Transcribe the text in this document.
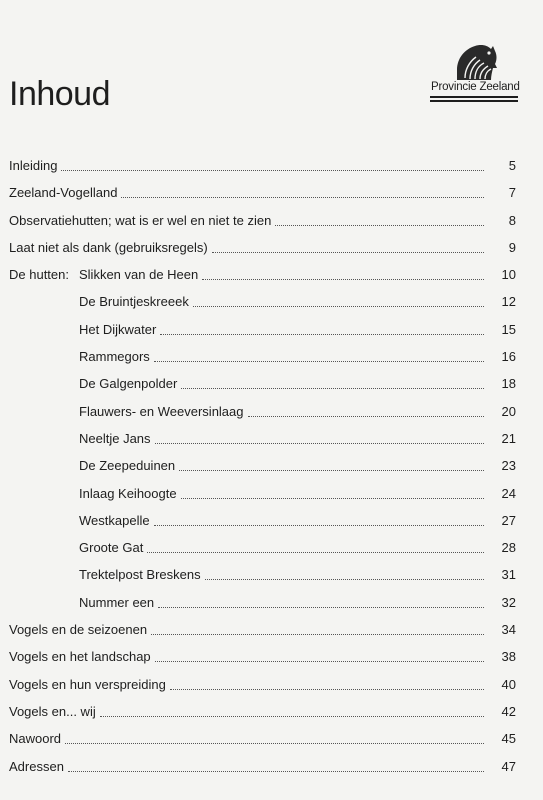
Inhoud	Provincie Zeeland
Inleiding	5
Zeeland-Vogelland	7
Observatiehutten; wat is er wel en niet te zien	8
Laat niet als dank (gebruiksregels)	9
De hutten: Slikken van de Heen	10
De Bruintjeskreeek	12
Het Dijkwater	15
Rammegors	16
De Galgenpolder	18
Flauwers- en Weeversinlaag	20
Neeltje Jans	21
De Zeepeduinen	23
Inlaag Keihoogte	24
Westkapelle	27
Groote Gat	28
Trektelpost Breskens	31
Nummer een	32
Vogels en de seizoenen	34
Vogels en het landschap	38
Vogels en hun verspreiding	40
Vogels en... wij	42
Nawoord	45
Adressen	47
